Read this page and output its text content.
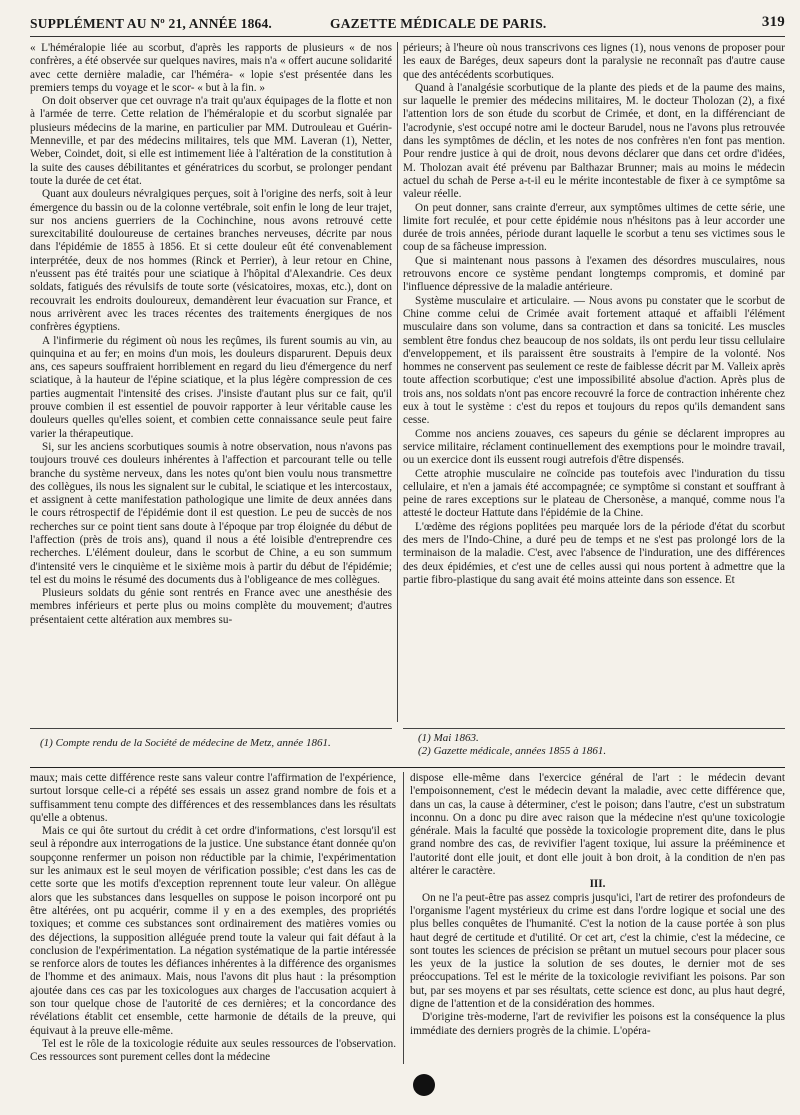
SUPPLÉMENT AU Nº 21, ANNÉE 1864.	GAZETTE MÉDICALE DE PARIS.	319

« L'héméralopie liée au scorbut, d'après les rapports de plusieurs « de nos confrères, a été observée sur quelques navires, mais n'a « offert aucune solidarité avec cette dernière maladie, car l'héméra- « lopie s'est présentée dans les premiers temps du voyage et le scor- « but à la fin. »

On doit observer que cet ouvrage n'a trait qu'aux équipages de la flotte et non à l'armée de terre. Cette relation de l'héméralopie et du scorbut signalée par plusieurs médecins de la marine, en particulier par MM. Dutrouleau et Guérin-Menneville, et par des médecins militaires, tels que MM. Laveran (1), Netter, Weber, Coindet, doit, si elle est intimement liée à l'altération de la constitution à la suite des causes débilitantes et génératrices du scorbut, se prolonger pendant toute la durée de cet état.

Quant aux douleurs névralgiques perçues, soit à l'origine des nerfs, soit à leur émergence du bassin ou de la colonne vertébrale, soit enfin le long de leur trajet, sur nos anciens guerriers de la Cochinchine, nous avons retrouvé cette surexcitabilité douloureuse de certaines branches nerveuses, décrite par nous dans l'épidémie de 1855 à 1856. Et si cette douleur eût été convenablement interprétée, deux de nos hommes (Rinck et Perrier), à leur retour en Chine, n'eussent pas été traités pour une sciatique à l'hôpital d'Alexandrie. Ces deux soldats, fatigués des révulsifs de toute sorte (vésicatoires, moxas, etc.), dont on recouvrait les endroits douloureux, demandèrent leur évacuation sur France, et nous arrivèrent avec les traces récentes des traitements énergiques de nos confrères égyptiens.

A l'infirmerie du régiment où nous les reçûmes, ils furent soumis au vin, au quinquina et au fer; en moins d'un mois, les douleurs disparurent. Depuis deux ans, ces sapeurs souffraient horriblement en regard du lieu d'émergence du nerf sciatique, à la hauteur de l'épine sciatique, et la plus légère compression de ces parties augmentait l'intensité des crises. J'insiste d'autant plus sur ce fait, qu'il prouve combien il est essentiel de pouvoir rapporter à leur véritable cause les douleurs quelles qu'elles soient, et combien cette connaissance seule peut faire varier la thérapeutique.

Si, sur les anciens scorbutiques soumis à notre observation, nous n'avons pas toujours trouvé ces douleurs inhérentes à l'affection et parcourant telle ou telle branche du système nerveux, dans les notes qu'ont bien voulu nous transmettre des collègues, ils nous les signalent sur le cubital, le sciatique et les intercostaux, et assignent à cette manifestation pathologique une limite de deux années dans le cours rétrospectif de l'épidémie dont il est question. Le peu de succès de nos recherches sur ce point tient sans doute à l'époque par trop éloignée du début de l'affection (près de trois ans), quand il nous a été loisible d'entreprendre ces recherches. L'élément douleur, dans le scorbut de Chine, a eu son summum d'intensité vers le cinquième et le sixième mois à partir du début de l'épidémie; tel est du moins le résumé des documents dus à l'obligeance de mes collègues.

Plusieurs soldats du génie sont rentrés en France avec une anesthésie des membres inférieurs et perte plus ou moins complète du mouvement; d'autres présentaient cette altération aux membres su-

périeurs; à l'heure où nous transcrivons ces lignes (1), nous venons de proposer pour les eaux de Baréges, deux sapeurs dont la paralysie ne reconnaît pas d'autre cause que des antécédents scorbutiques.

Quand à l'analgésie scorbutique de la plante des pieds et de la paume des mains, sur laquelle le premier des médecins militaires, M. le docteur Tholozan (2), a fixé l'attention lors de son étude du scorbut de Crimée, et dont, en la différenciant de l'acrodynie, s'est occupé notre ami le docteur Barudel, nous ne l'avons plus retrouvée dans les symptômes de déclin, et les notes de nos confrères n'en font pas mention. Pour rendre justice à qui de droit, nous devons déclarer que dans cet ordre d'idées, M. Tholozan avait été prévenu par Balthazar Brunner; mais au moins le médecin actuel du schah de Perse a-t-il eu le mérite incontestable de fixer à ce symptôme sa valeur réelle.

On peut donner, sans crainte d'erreur, aux symptômes ultimes de cette série, une limite fort reculée, et pour cette épidémie nous n'hésitons pas à leur accorder une durée de trois années, période durant laquelle le scorbut a tenu ses victimes sous le coup de sa fâcheuse impression.

Que si maintenant nous passons à l'examen des désordres musculaires, nous retrouvons encore ce système pendant longtemps compromis, et dominé par l'influence dépressive de la maladie antérieure.

Système musculaire et articulaire. — Nous avons pu constater que le scorbut de Chine comme celui de Crimée avait fortement attaqué et affaibli l'élément musculaire dans son volume, dans sa contraction et dans sa tonicité. Les muscles semblent être fondus chez beaucoup de nos soldats, ils ont perdu leur tissu cellulaire d'enveloppement, et ils paraissent être soustraits à l'empire de la volonté. Nos hommes ne conservent pas seulement ce reste de faiblesse décrit par M. Valleix après toute affection scorbutique; c'est une impossibilité absolue d'action. Après plus de trois ans, nos soldats n'ont pas encore recouvré la force de contraction inhérente chez eux à tout le système : c'est du repos et toujours du repos qu'ils demandent sans cesse.

Comme nos anciens zouaves, ces sapeurs du génie se déclarent impropres au service militaire, réclament continuellement des exemptions pour le moindre travail, ou un exercice dont ils eussent rougi autrefois d'être dispensés.

Cette atrophie musculaire ne coïncide pas toutefois avec l'induration du tissu cellulaire, et n'en a jamais été accompagnée; ce symptôme si constant et souffrant à peine de rares exceptions sur le plateau de Chersonèse, a manqué, comme nous l'a attesté le docteur Hattute dans l'épidémie de la Chine.

L'œdème des régions poplitées peu marquée lors de la période d'état du scorbut des mers de l'Indo-Chine, a duré peu de temps et ne s'est pas prolongé lors de la terminaison de la maladie. C'est, avec l'absence de l'induration, une des différences des deux épidémies, et c'est une de celles aussi qui nous portent à admettre que la partie fibro-plastique du sang avait été moins atteinte dans son essence. Et

(1) Compte rendu de la Société de médecine de Metz, année 1861.	(1) Mai 1863.
(2) Gazette médicale, années 1855 à 1861.

maux; mais cette différence reste sans valeur contre l'affirmation de l'expérience, surtout lorsque celle-ci a répété ses essais un assez grand nombre de fois et a suffisamment tenu compte des différences et des ressemblances dans les résultats qu'elle a obtenus.

Mais ce qui ôte surtout du crédit à cet ordre d'informations, c'est lorsqu'il est seul à répondre aux interrogations de la justice. Une substance étant donnée qu'on soupçonne renfermer un poison non réductible par la chimie, l'expérimentation sur les animaux est le seul moyen de vérification possible; c'est dans les cas de cette sorte que les motifs d'exception reprennent toute leur valeur. On allègue alors que les substances dans lesquelles on suppose le poison incorporé ont pu être altérées, ont pu acquérir, comme il y en a des exemples, des propriétés toxiques; et comme ces substances sont ordinairement des matières vomies ou des déjections, la supposition alléguée prend toute la valeur qui fait défaut à la conclusion de l'expérimentation. La négation systématique de la partie intéressée se renforce alors de toutes les défiances inhérentes à la différence des organismes de l'homme et des animaux. Mais, nous l'avons dit plus haut : la présomption ajoutée dans ces cas par les toxicologues aux charges de l'accusation acquiert à son tour quelque chose de l'autorité de ces dernières; et la concordance des révélations établit cet ensemble, cette harmonie de détails de la preuve, qui équivaut à la preuve elle-même.

Tel est le rôle de la toxicologie réduite aux seules ressources de l'observation. Ces ressources sont purement celles dont la médecine

dispose elle-même dans l'exercice général de l'art : le médecin devant l'empoisonnement, c'est le médecin devant la maladie, avec cette différence que, dans un cas, la cause à déterminer, c'est le poison; dans l'autre, c'est un substratum inconnu. On a donc pu dire avec raison que la médecine n'est qu'une toxicologie générale. Mais la faculté que possède la toxicologie proprement dite, dans le plus grand nombre des cas, de revivifier l'agent toxique, lui assure la prééminence et l'autorité dont elle jouit, et dont elle jouit à bon droit, à la condition de n'en pas altérer le caractère.

III.

On ne l'a peut-être pas assez compris jusqu'ici, l'art de retirer des profondeurs de l'organisme l'agent mystérieux du crime est dans l'ordre logique et social une des plus belles conquêtes de l'humanité. C'est la notion de la cause portée à son plus haut degré de certitude et d'utilité. Or cet art, c'est la chimie, c'est la médecine, ce sont toutes les sciences de précision se prêtant un mutuel secours pour placer sous les yeux de la justice la solution de ses doutes, le dernier mot de ses préoccupations. Tel est le mérite de la toxicologie revivifiant les poisons. Par son but, par ses moyens et par ses résultats, cette science est donc, au plus haut degré, digne de l'attention et de la considération des hommes.

D'origine très-moderne, l'art de revivifier les poisons est la conséquence la plus immédiate des derniers progrès de la chimie. L'opéra-
